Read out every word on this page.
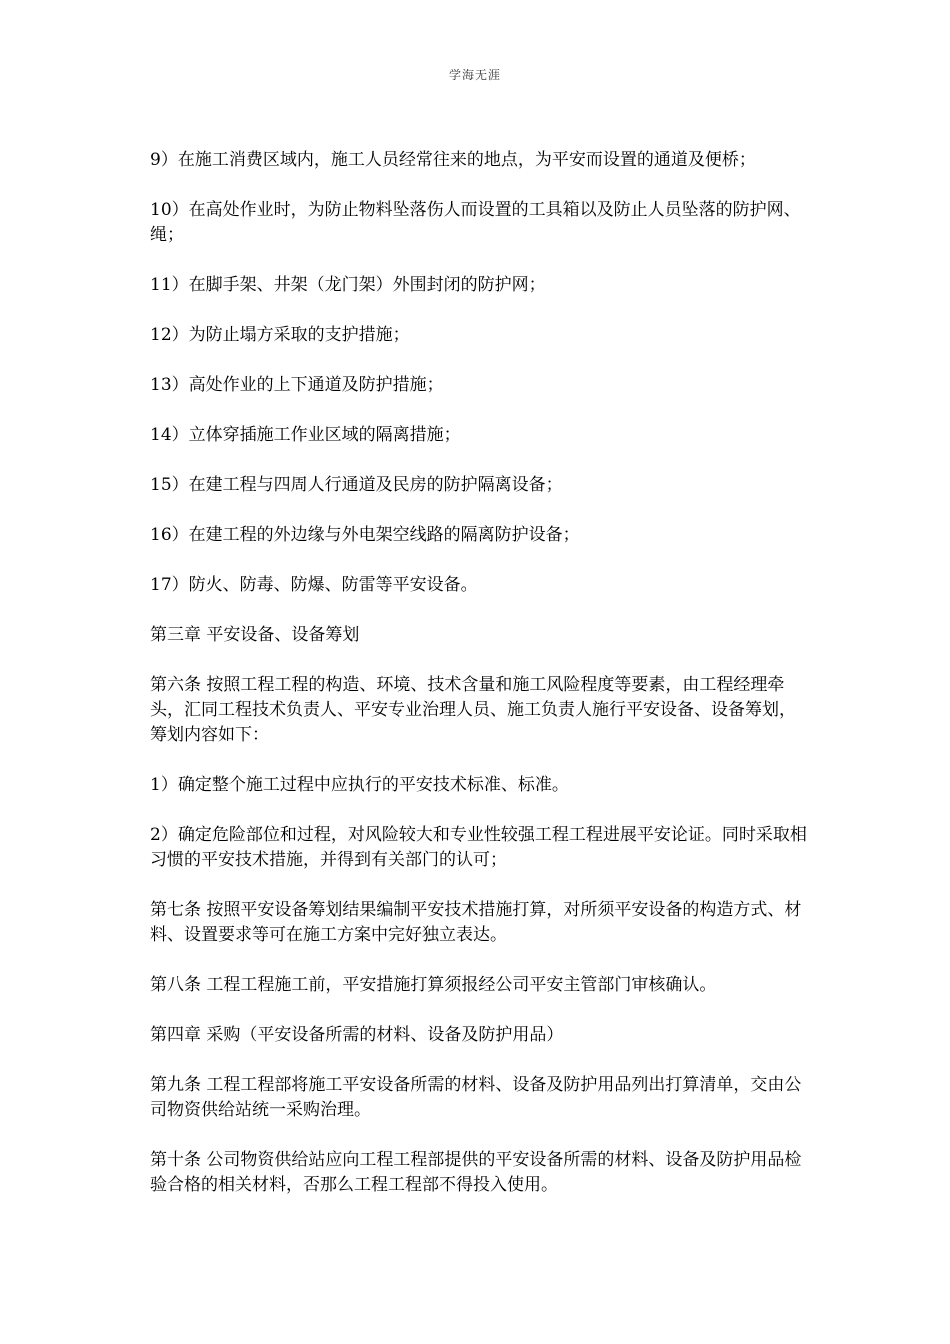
学海无涯

9）在施工消费区域内，施工人员经常往来的地点，为平安而设置的通道及便桥；

10）在高处作业时，为防止物料坠落伤人而设置的工具箱以及防止人员坠落的防护网、绳；

11）在脚手架、井架（龙门架）外围封闭的防护网；

12）为防止塌方采取的支护措施；

13）高处作业的上下通道及防护措施；

14）立体穿插施工作业区域的隔离措施；

15）在建工程与四周人行通道及民房的防护隔离设备；

16）在建工程的外边缘与外电架空线路的隔离防护设备；

17）防火、防毒、防爆、防雷等平安设备。

第三章 平安设备、设备筹划

第六条 按照工程工程的构造、环境、技术含量和施工风险程度等要素，由工程经理牵头，汇同工程技术负责人、平安专业治理人员、施工负责人施行平安设备、设备筹划，筹划内容如下：

1）确定整个施工过程中应执行的平安技术标准、标准。

2）确定危险部位和过程，对风险较大和专业性较强工程工程进展平安论证。同时采取相习惯的平安技术措施，并得到有关部门的认可；

第七条 按照平安设备筹划结果编制平安技术措施打算，对所须平安设备的构造方式、材料、设置要求等可在施工方案中完好独立表达。

第八条 工程工程施工前，平安措施打算须报经公司平安主管部门审核确认。

第四章 采购（平安设备所需的材料、设备及防护用品）

第九条 工程工程部将施工平安设备所需的材料、设备及防护用品列出打算清单，交由公司物资供给站统一采购治理。

第十条 公司物资供给站应向工程工程部提供的平安设备所需的材料、设备及防护用品检验合格的相关材料，否那么工程工程部不得投入使用。
